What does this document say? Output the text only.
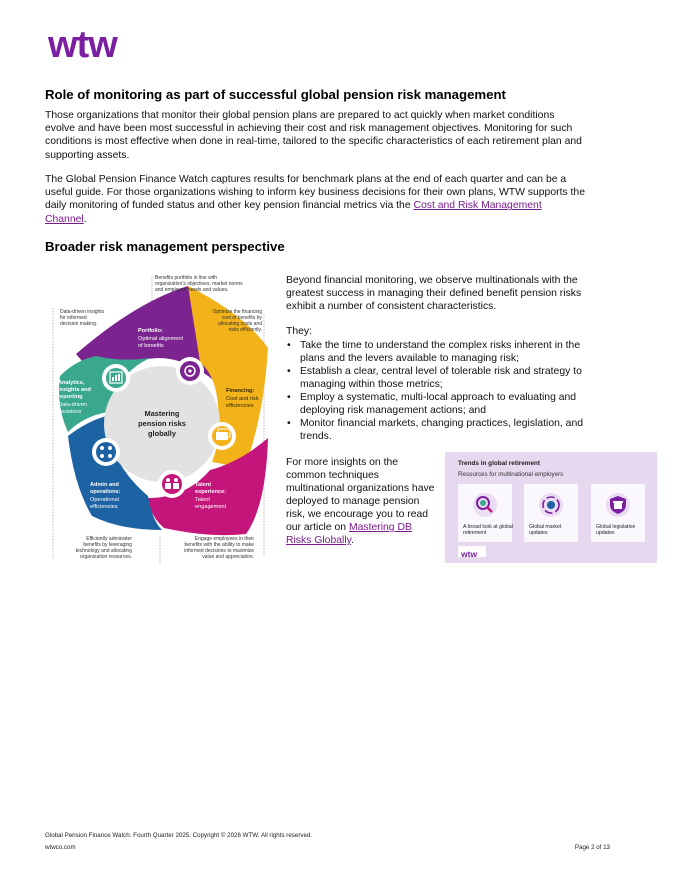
wtw
Role of monitoring as part of successful global pension risk management

Those organizations that monitor their global pension plans are prepared to act quickly when market conditions evolve and have been most successful in achieving their cost and risk management objectives. Monitoring for such conditions is most effective when done in real-time, tailored to the specific characteristics of each retirement plan and supporting assets.

The Global Pension Finance Watch captures results for benchmark plans at the end of each quarter and can be a useful guide. For those organizations wishing to inform key business decisions for their own plans, WTW supports the daily monitoring of funded status and other key pension financial metrics via the Cost and Risk Management Channel.

Broader risk management perspective
Mastering
pension risks
globally
Portfolio:
Optimal alignment
of benefits
Financing:
Cost and risk
efficiencies
Talent
experience:
Talent
engagement
Admin and
operations:
Operational
efficiencies
Analytics,
insights and
reporting
Data-driven
decisions
Benefits portfolio in line with
organization's objectives, market norms
and employee needs and values.
Optimize the financing
cost of benefits by
allocating costs and
risks efficiently.
Data-driven insights
for informed
decision making.
Efficiently administer
benefits by leveraging
technology and allocating
organization resources.
Engage employees in their
benefits with the ability to make
informed decisions to maximize
value and appreciation.
Beyond financial monitoring, we observe multinationals with the greatest success in managing their defined benefit pension risks exhibit a number of consistent characteristics.
They:
• Take the time to understand the complex risks inherent in the plans and the levers available to managing risk;
• Establish a clear, central level of tolerable risk and strategy to managing within those metrics;
• Employ a systematic, multi-local approach to evaluating and deploying risk management actions; and
• Monitor financial markets, changing practices, legislation, and trends.
For more insights on the common techniques multinational organizations have deployed to manage pension risk, we encourage you to read our article on Mastering DB Risks Globally.
Trends in global retirement
Resources for multinational employers
A broad look at global retirement
Global market updates
Global legislative updates
wtw
Global Pension Finance Watch: Fourth Quarter 2025. Copyright © 2026 WTW. All rights reserved.
wtwco.com	Page 2 of 13
